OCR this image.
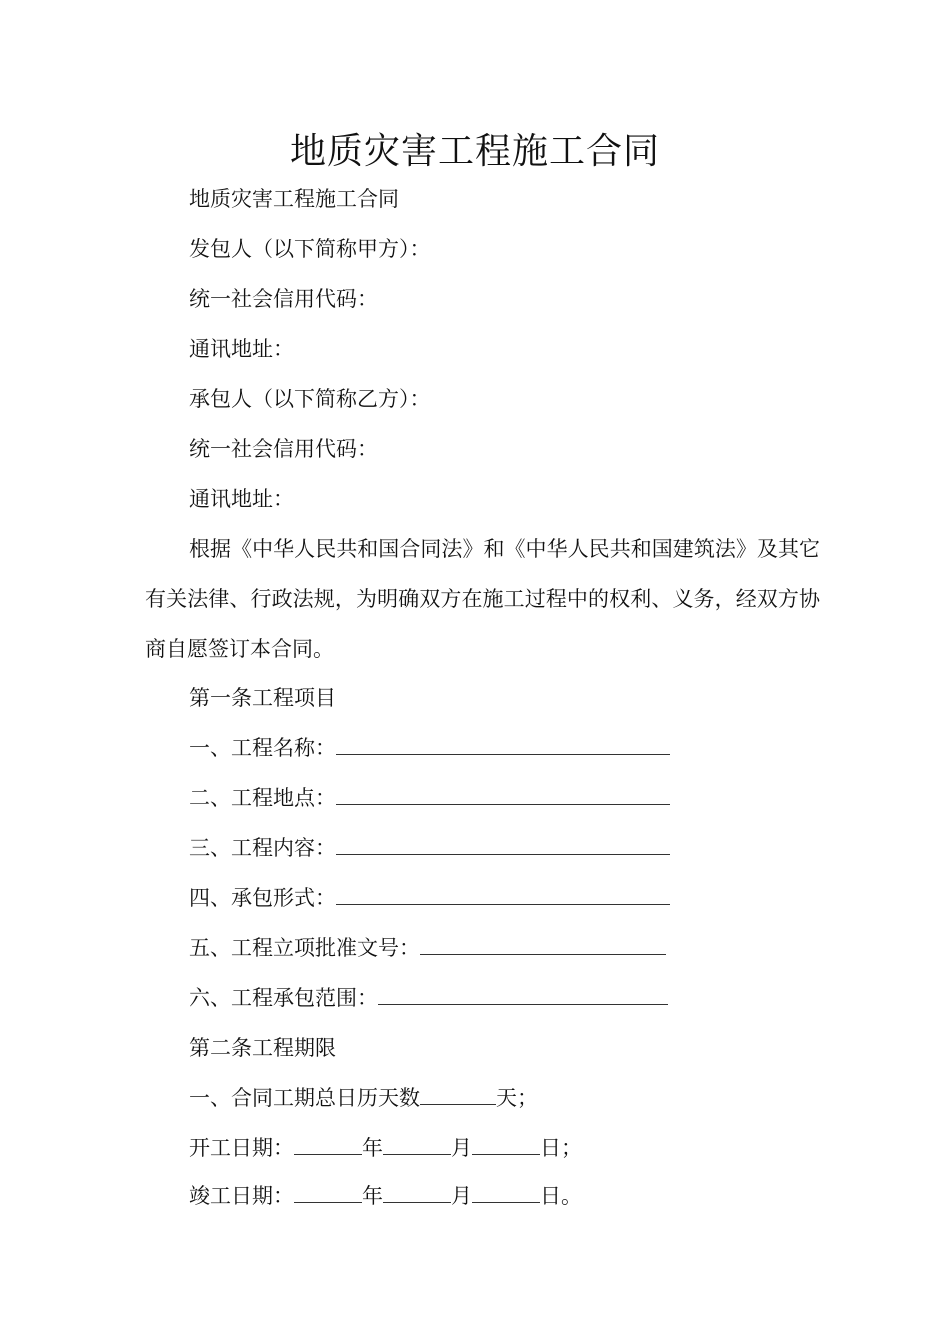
地质灾害工程施工合同
地质灾害工程施工合同
发包人（以下简称甲方）：
统一社会信用代码：
通讯地址：
承包人（以下简称乙方）：
统一社会信用代码：
通讯地址：
根据《中华人民共和国合同法》和《中华人民共和国建筑法》及其它有关法律、行政法规，为明确双方在施工过程中的权利、义务，经双方协商自愿签订本合同。
第一条工程项目
一、工程名称：
二、工程地点：
三、工程内容：
四、承包形式：
五、工程立项批准文号：
六、工程承包范围：
第二条工程期限
一、合同工期总日历天数	天；
开工日期：	年	月	日；
竣工日期：	年	月	日。
